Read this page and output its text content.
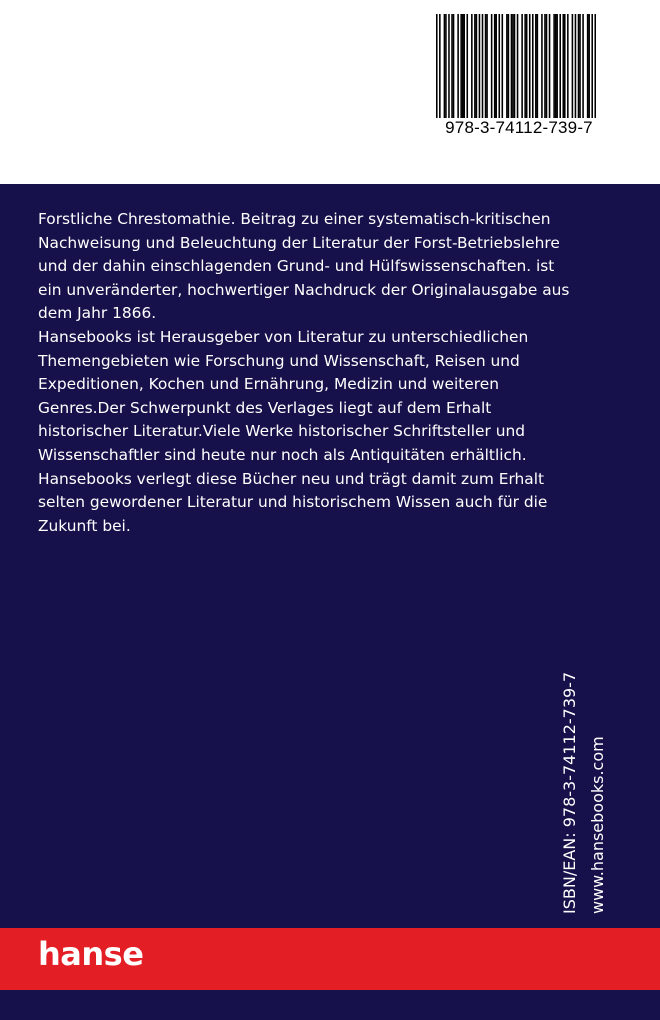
978-3-74112-739-7

Forstliche Chrestomathie. Beitrag zu einer systematisch-kritischen
Nachweisung und Beleuchtung der Literatur der Forst-Betriebslehre
und der dahin einschlagenden Grund- und Hülfswissenschaften. ist
ein unveränderter, hochwertiger Nachdruck der Originalausgabe aus
dem Jahr 1866.
Hansebooks ist Herausgeber von Literatur zu unterschiedlichen
Themengebieten wie Forschung und Wissenschaft, Reisen und
Expeditionen, Kochen und Ernährung, Medizin und weiteren
Genres.Der Schwerpunkt des Verlages liegt auf dem Erhalt
historischer Literatur.Viele Werke historischer Schriftsteller und
Wissenschaftler sind heute nur noch als Antiquitäten erhältlich.
Hansebooks verlegt diese Bücher neu und trägt damit zum Erhalt
selten gewordener Literatur und historischem Wissen auch für die
Zukunft bei.

ISBN/EAN: 978-3-74112-739-7 www.hansebooks.com
hanse
